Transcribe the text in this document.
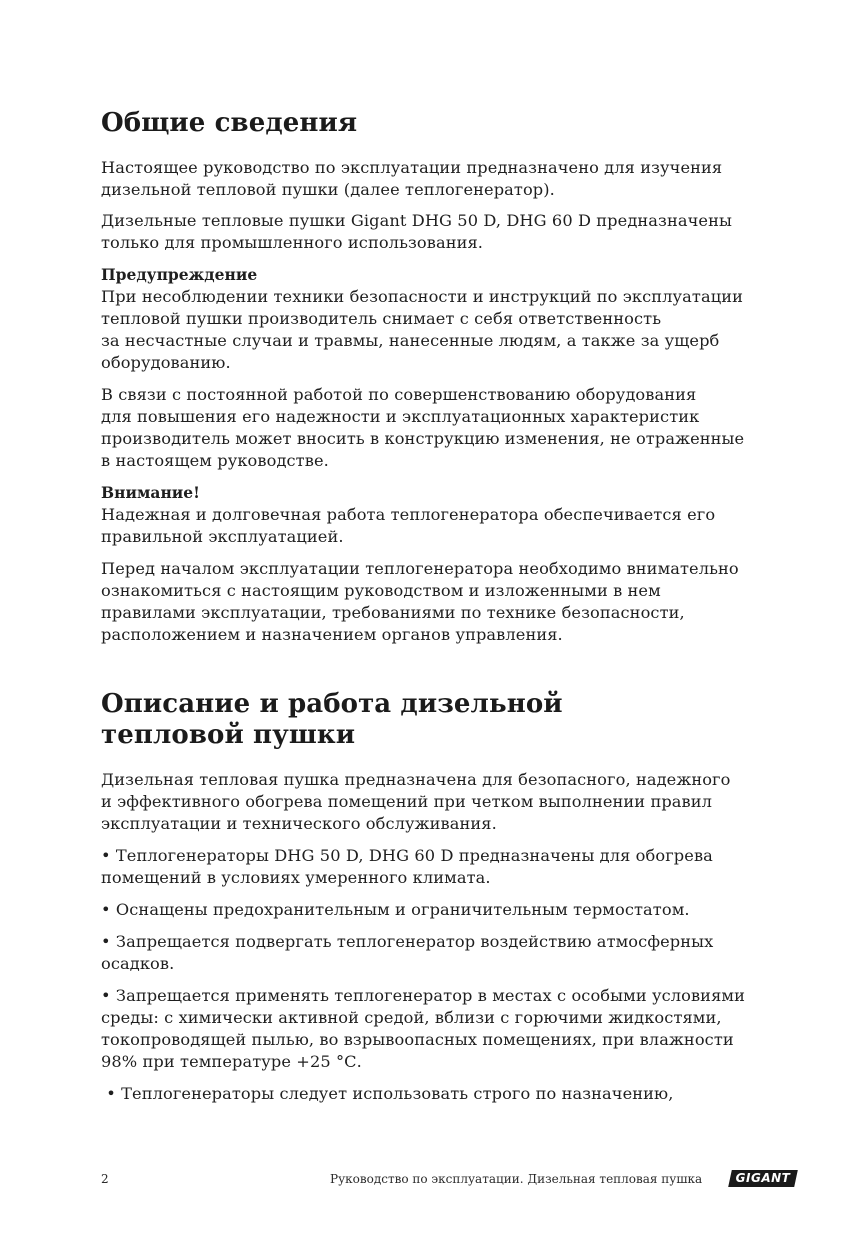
Общие сведения

Настоящее руководство по эксплуатации предназначено для изучения
дизельной тепловой пушки (далее теплогенератор).

Дизельные тепловые пушки Gigant DHG 50 D, DHG 60 D предназначены
только для промышленного использования.

Предупреждение

При несоблюдении техники безопасности и инструкций по эксплуатации
тепловой пушки производитель снимает с себя ответственность
за несчастные случаи и травмы, нанесенные людям, а также за ущерб
оборудованию.

В связи с постоянной работой по совершенствованию оборудования
для повышения его надежности и эксплуатационных характеристик
производитель может вносить в конструкцию изменения, не отраженные
в настоящем руководстве.

Внимание!

Надежная и долговечная работа теплогенератора обеспечивается его
правильной эксплуатацией.

Перед началом эксплуатации теплогенератора необходимо внимательно
ознакомиться с настоящим руководством и изложенными в нем
правилами эксплуатации, требованиями по технике безопасности,
расположением и назначением органов управления.

Описание и работа дизельной
тепловой пушки

Дизельная тепловая пушка предназначена для безопасного, надежного
и эффективного обогрева помещений при четком выполнении правил
эксплуатации и технического обслуживания.

• Теплогенераторы DHG 50 D, DHG 60 D предназначены для обогрева
помещений в условиях умеренного климата.

• Оснащены предохранительным и ограничительным термостатом.

• Запрещается подвергать теплогенератор воздействию атмосферных
осадков.

• Запрещается применять теплогенератор в местах с особыми условиями
среды: с химически активной средой, вблизи с горючими жидкостями,
токопроводящей пылью, во взрывоопасных помещениях, при влажности
98% при температуре +25 °С.

• Теплогенераторы следует использовать строго по назначению,

2	Руководство по эксплуатации. Дизельная тепловая пушка	GIGANT
